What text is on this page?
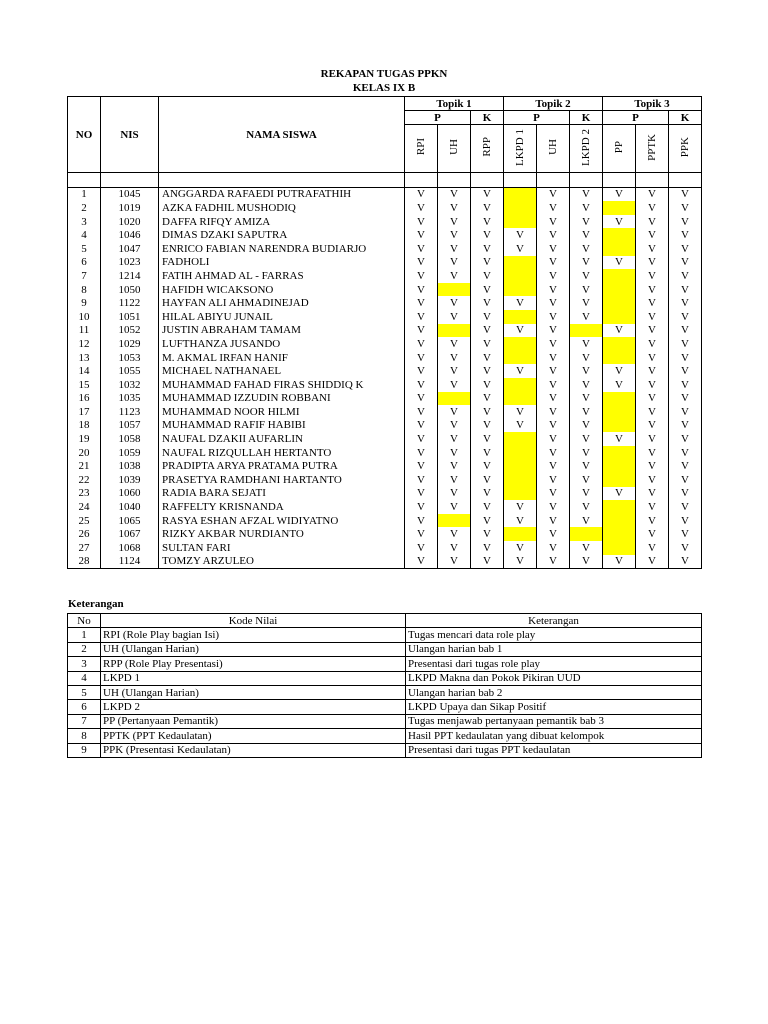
REKAPAN TUGAS PPKN
KELAS IX B
NO	NIS	NAMA SISWA	Topik 1			Topik 2			Topik 3		
			P		K	P		K	P		K
			RPI	UH	RPP	LKPD 1	UH	LKPD 2	PP	PPTK	PPK

1	1045	ANGGARDA RAFAEDI PUTRAFATHIH	V	V	V		V	V	V	V	V
2	1019	AZKA FADHIL MUSHODIQ	V	V	V		V	V		V	V
3	1020	DAFFA RIFQY AMIZA	V	V	V		V	V	V	V	V
4	1046	DIMAS DZAKI SAPUTRA	V	V	V	V	V	V		V	V
5	1047	ENRICO FABIAN NARENDRA BUDIARJO	V	V	V	V	V	V		V	V
6	1023	FADHOLI	V	V	V		V	V	V	V	V
7	1214	FATIH AHMAD AL - FARRAS	V	V	V		V	V		V	V
8	1050	HAFIDH WICAKSONO	V		V		V	V		V	V
9	1122	HAYFAN ALI AHMADINEJAD	V	V	V	V	V	V		V	V
10	1051	HILAL ABIYU JUNAIL	V	V	V		V	V		V	V
11	1052	JUSTIN ABRAHAM TAMAM	V		V	V	V		V	V	V
12	1029	LUFTHANZA JUSANDO	V	V	V		V	V		V	V
13	1053	M. AKMAL IRFAN HANIF	V	V	V		V	V		V	V
14	1055	MICHAEL NATHANAEL	V	V	V	V	V	V	V	V	V
15	1032	MUHAMMAD FAHAD FIRAS SHIDDIQ K	V	V	V		V	V	V	V	V
16	1035	MUHAMMAD IZZUDIN ROBBANI	V		V		V	V		V	V
17	1123	MUHAMMAD NOOR HILMI	V	V	V	V	V	V		V	V
18	1057	MUHAMMAD RAFIF HABIBI	V	V	V	V	V	V		V	V
19	1058	NAUFAL DZAKII AUFARLIN	V	V	V		V	V	V	V	V
20	1059	NAUFAL RIZQULLAH HERTANTO	V	V	V		V	V		V	V
21	1038	PRADIPTA ARYA PRATAMA PUTRA	V	V	V		V	V		V	V
22	1039	PRASETYA RAMDHANI HARTANTO	V	V	V		V	V		V	V
23	1060	RADIA BARA SEJATI	V	V	V		V	V	V	V	V
24	1040	RAFFELTY KRISNANDA	V	V	V	V	V	V		V	V
25	1065	RASYA ESHAN AFZAL WIDIYATNO	V		V	V	V	V		V	V
26	1067	RIZKY AKBAR NURDIANTO	V	V	V		V			V	V
27	1068	SULTAN FARI	V	V	V	V	V	V		V	V
28	1124	TOMZY ARZULEO	V	V	V	V	V	V	V	V	V
Keterangan
No	Kode Nilai	Keterangan
1	RPI (Role Play bagian Isi)	Tugas mencari data role play
2	UH (Ulangan Harian)	Ulangan harian bab 1
3	RPP (Role Play Presentasi)	Presentasi dari tugas role play
4	LKPD 1	LKPD Makna dan Pokok Pikiran UUD
5	UH (Ulangan Harian)	Ulangan harian bab 2
6	LKPD 2	LKPD Upaya dan Sikap Positif
7	PP (Pertanyaan Pemantik)	Tugas menjawab pertanyaan pemantik bab 3
8	PPTK (PPT Kedaulatan)	Hasil PPT kedaulatan yang dibuat kelompok
9	PPK (Presentasi Kedaulatan)	Presentasi dari tugas PPT kedaulatan
